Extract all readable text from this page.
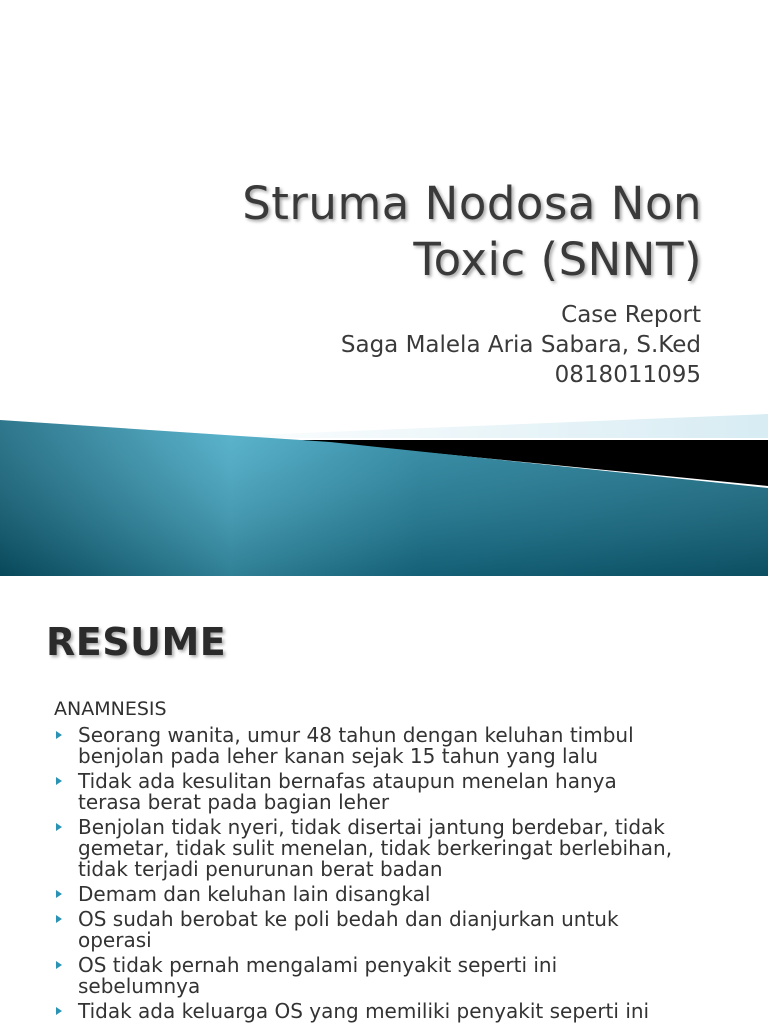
Struma Nodosa Non
Toxic (SNNT)
Case Report
Saga Malela Aria Sabara, S.Ked
0818011095
RESUME
ANAMNESIS
Seorang wanita, umur 48 tahun dengan keluhan timbul
benjolan pada leher kanan sejak 15 tahun yang lalu
Tidak ada kesulitan bernafas ataupun menelan hanya
terasa berat pada bagian leher
Benjolan tidak nyeri, tidak disertai jantung berdebar, tidak
gemetar, tidak sulit menelan, tidak berkeringat berlebihan,
tidak terjadi penurunan berat badan
Demam dan keluhan lain disangkal
OS sudah berobat ke poli bedah dan dianjurkan untuk
operasi
OS tidak pernah mengalami penyakit seperti ini
sebelumnya
Tidak ada keluarga OS yang memiliki penyakit seperti ini
